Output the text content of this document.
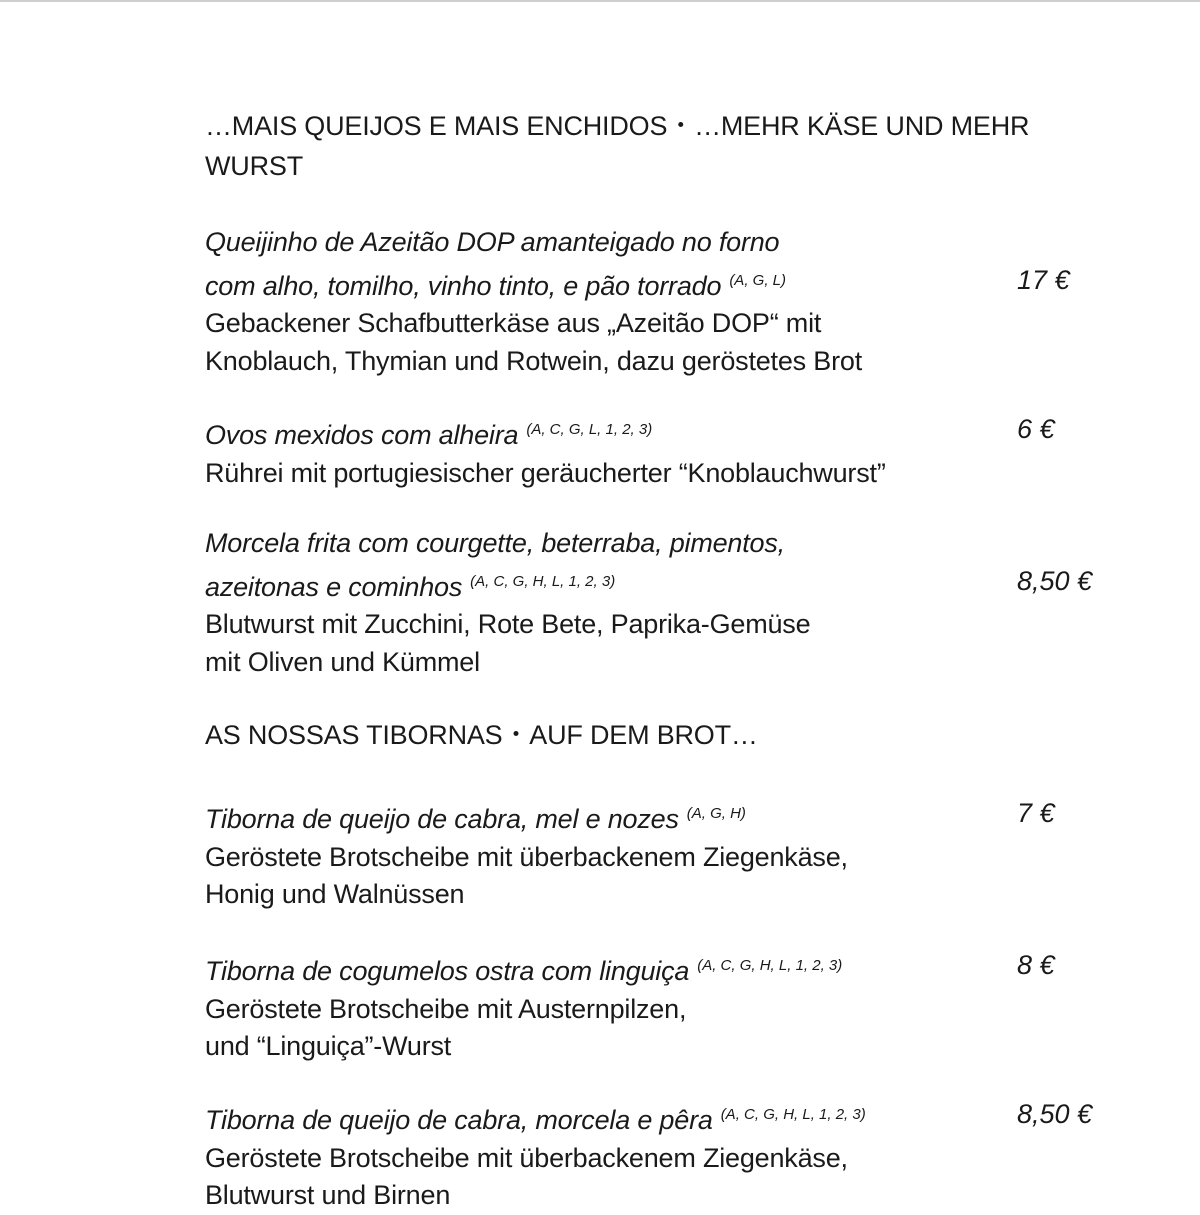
…MAIS QUEIJOS E MAIS ENCHIDOS・…MEHR KÄSE UND MEHR WURST
Queijinho de Azeitão DOP amanteigado no forno
com alho, tomilho, vinho tinto, e pão torrado $^{(A, G, L)}$
Gebackener Schafbutterkäse aus „Azeitão DOP“ mit
Knoblauch, Thymian und Rotwein, dazu geröstetes Brot
17 €
Ovos mexidos com alheira $^{(A, C, G, L, 1, 2, 3)}$
Rührei mit portugiesischer geräucherter “Knoblauchwurst”
6 €
Morcela frita com courgette, beterraba, pimentos,
azeitonas e cominhos $^{(A, C, G, H, L, 1, 2, 3)}$
Blutwurst mit Zucchini, Rote Bete, Paprika-Gemüse
mit Oliven und Kümmel
8,50 €
AS NOSSAS TIBORNAS・AUF DEM BROT…
Tiborna de queijo de cabra, mel e nozes $^{(A, G, H)}$
Geröstete Brotscheibe mit überbackenem Ziegenkäse,
Honig und Walnüssen
7 €
Tiborna de cogumelos ostra com linguiça $^{(A, C, G, H, L, 1, 2, 3)}$
Geröstete Brotscheibe mit Austernpilzen,
und “Linguiça”-Wurst
8 €
Tiborna de queijo de cabra, morcela e pêra $^{(A, C, G, H, L, 1, 2, 3)}$
Geröstete Brotscheibe mit überbackenem Ziegenkäse,
Blutwurst und Birnen
8,50 €
